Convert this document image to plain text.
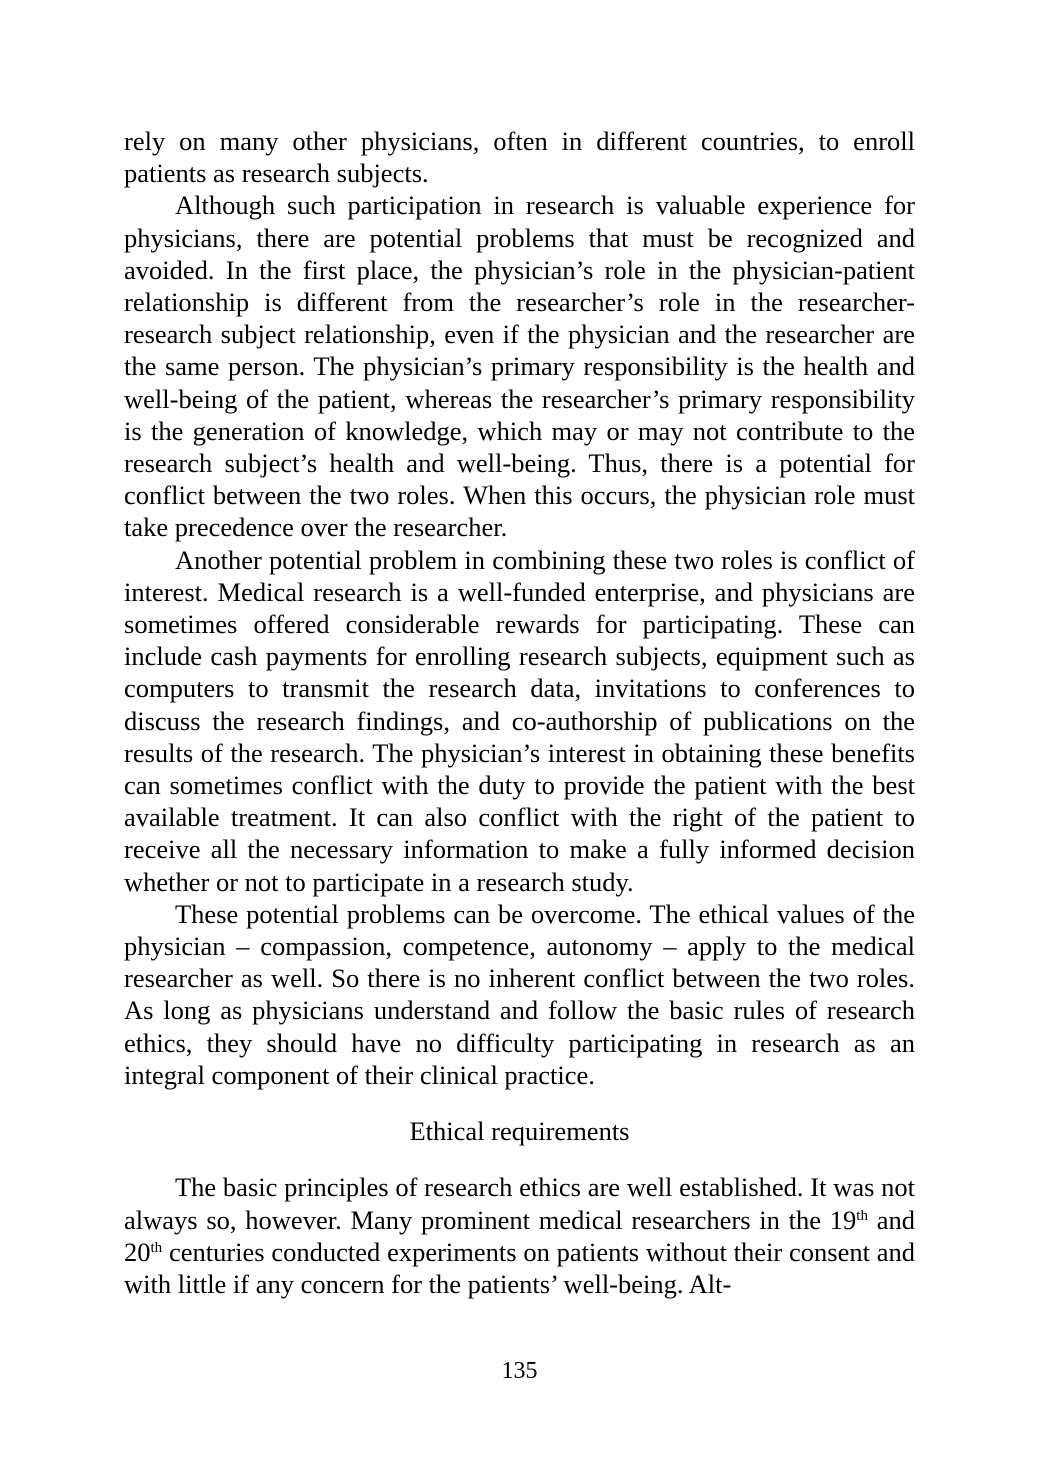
rely on many other physicians, often in different countries, to enroll patients as research subjects.

Although such participation in research is valuable experience for physicians, there are potential problems that must be recognized and avoided. In the first place, the physician’s role in the physician-patient relationship is different from the researcher’s role in the researcher-research subject relationship, even if the physician and the researcher are the same person. The physician’s primary responsibility is the health and well-being of the patient, whereas the researcher’s primary responsibility is the generation of knowledge, which may or may not contribute to the research subject’s health and well-being. Thus, there is a potential for conflict between the two roles. When this occurs, the physician role must take precedence over the researcher.

Another potential problem in combining these two roles is conflict of interest. Medical research is a well-funded enterprise, and physicians are sometimes offered considerable rewards for participating. These can include cash payments for enrolling research subjects, equipment such as computers to transmit the research data, invitations to conferences to discuss the research findings, and co-authorship of publications on the results of the research. The physician’s interest in obtaining these benefits can sometimes conflict with the duty to provide the patient with the best available treatment. It can also conflict with the right of the patient to receive all the necessary information to make a fully informed decision whether or not to participate in a research study.

These potential problems can be overcome. The ethical values of the physician – compassion, competence, autonomy – apply to the medical researcher as well. So there is no inherent conflict between the two roles. As long as physicians understand and follow the basic rules of research ethics, they should have no difficulty participating in research as an integral component of their clinical practice.

Ethical requirements

The basic principles of research ethics are well established. It was not always so, however. Many prominent medical researchers in the 19th and 20th centuries conducted experiments on patients without their consent and with little if any concern for the patients’ well-being. Alt-

135
